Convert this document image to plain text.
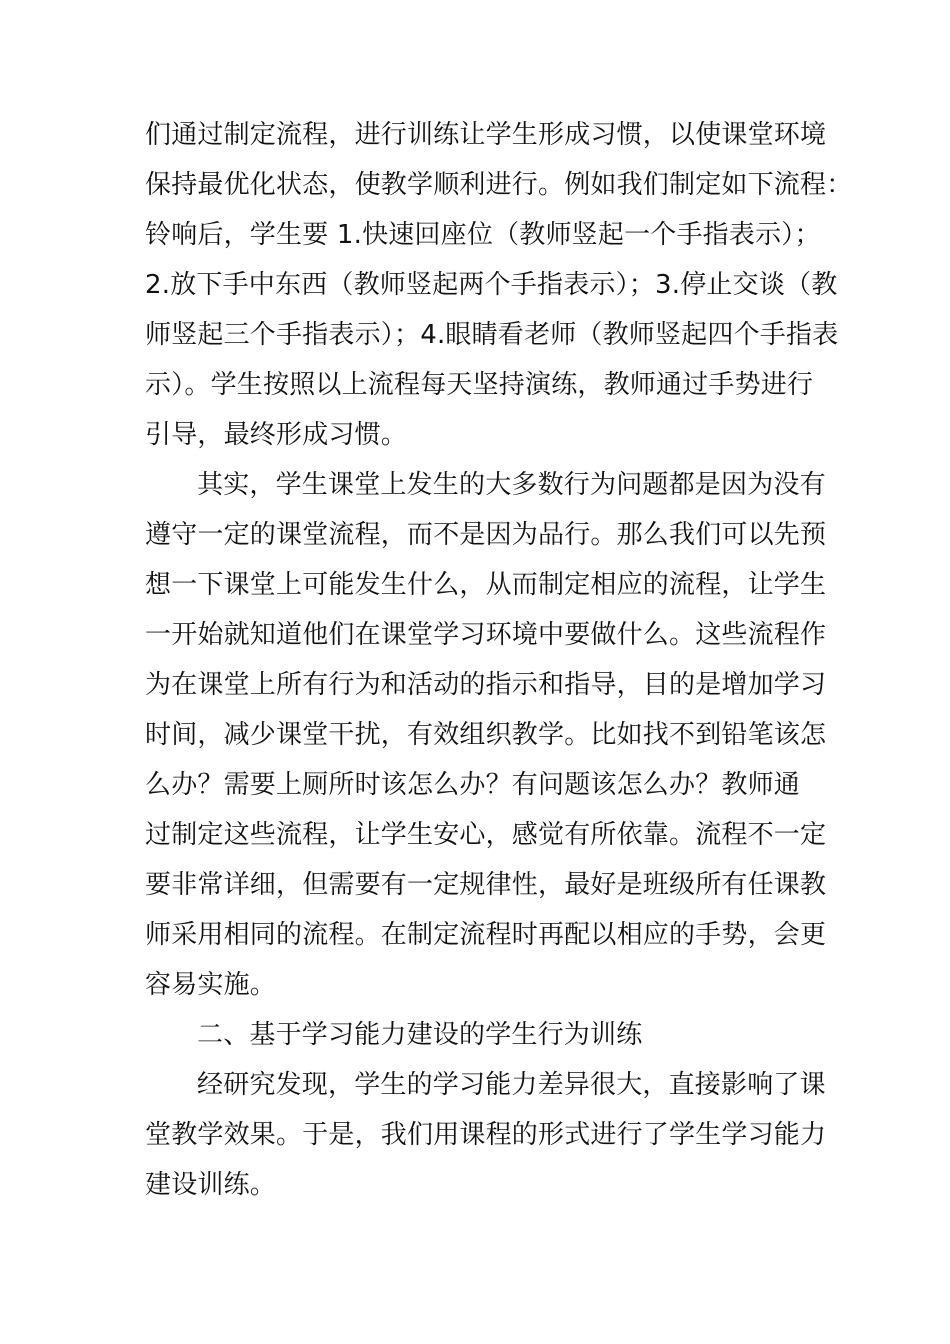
们通过制定流程，进行训练让学生形成习惯，以使课堂环境
保持最优化状态，使教学顺利进行。例如我们制定如下流程：
铃响后，学生要 1.快速回座位（教师竖起一个手指表示）；
2.放下手中东西（教师竖起两个手指表示）；3.停止交谈（教
师竖起三个手指表示）；4.眼睛看老师（教师竖起四个手指表
示）。学生按照以上流程每天坚持演练，教师通过手势进行
引导，最终形成习惯。
其实，学生课堂上发生的大多数行为问题都是因为没有
遵守一定的课堂流程，而不是因为品行。那么我们可以先预
想一下课堂上可能发生什么，从而制定相应的流程，让学生
一开始就知道他们在课堂学习环境中要做什么。这些流程作
为在课堂上所有行为和活动的指示和指导，目的是增加学习
时间，减少课堂干扰，有效组织教学。比如找不到铅笔该怎
么办？需要上厕所时该怎么办？有问题该怎么办？教师通
过制定这些流程，让学生安心，感觉有所依靠。流程不一定
要非常详细，但需要有一定规律性，最好是班级所有任课教
师采用相同的流程。在制定流程时再配以相应的手势，会更
容易实施。
二、基于学习能力建设的学生行为训练
经研究发现，学生的学习能力差异很大，直接影响了课
堂教学效果。于是，我们用课程的形式进行了学生学习能力
建设训练。
